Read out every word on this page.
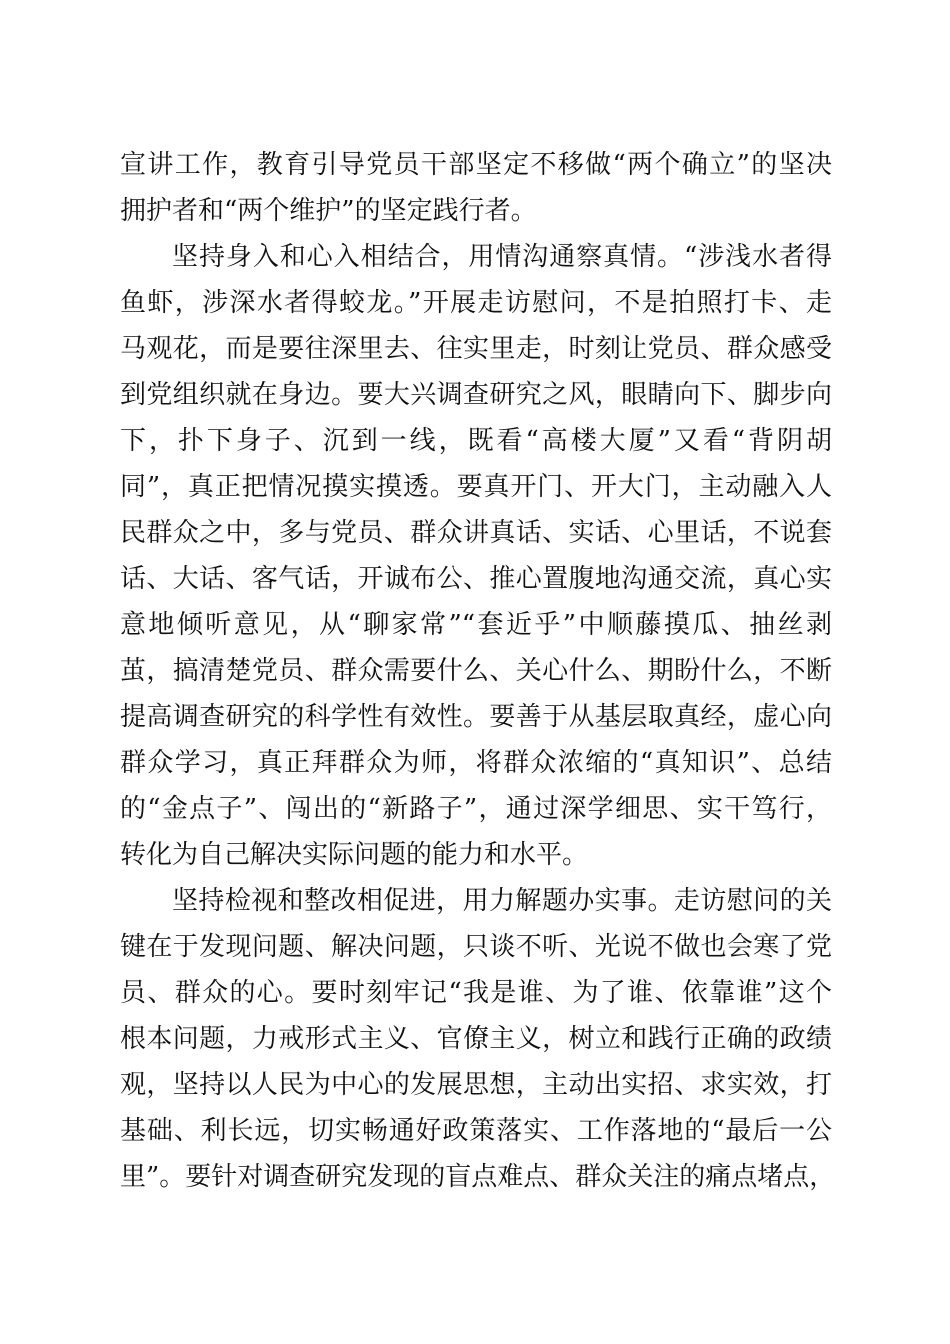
宣讲工作，教育引导党员干部坚定不移做“两个确立”的坚决
拥护者和“两个维护”的坚定践行者。
坚持身入和心入相结合，用情沟通察真情。“涉浅水者得
鱼虾，涉深水者得蛟龙。”开展走访慰问，不是拍照打卡、走
马观花，而是要往深里去、往实里走，时刻让党员、群众感受
到党组织就在身边。要大兴调查研究之风，眼睛向下、脚步向
下，扑下身子、沉到一线，既看“高楼大厦”又看“背阴胡
同”，真正把情况摸实摸透。要真开门、开大门，主动融入人
民群众之中，多与党员、群众讲真话、实话、心里话，不说套
话、大话、客气话，开诚布公、推心置腹地沟通交流，真心实
意地倾听意见，从“聊家常”“套近乎”中顺藤摸瓜、抽丝剥
茧，搞清楚党员、群众需要什么、关心什么、期盼什么，不断
提高调查研究的科学性有效性。要善于从基层取真经，虚心向
群众学习，真正拜群众为师，将群众浓缩的“真知识”、总结
的“金点子”、闯出的“新路子”，通过深学细思、实干笃行，
转化为自己解决实际问题的能力和水平。
坚持检视和整改相促进，用力解题办实事。走访慰问的关
键在于发现问题、解决问题，只谈不听、光说不做也会寒了党
员、群众的心。要时刻牢记“我是谁、为了谁、依靠谁”这个
根本问题，力戒形式主义、官僚主义，树立和践行正确的政绩
观，坚持以人民为中心的发展思想，主动出实招、求实效，打
基础、利长远，切实畅通好政策落实、工作落地的“最后一公
里”。要针对调查研究发现的盲点难点、群众关注的痛点堵点，
